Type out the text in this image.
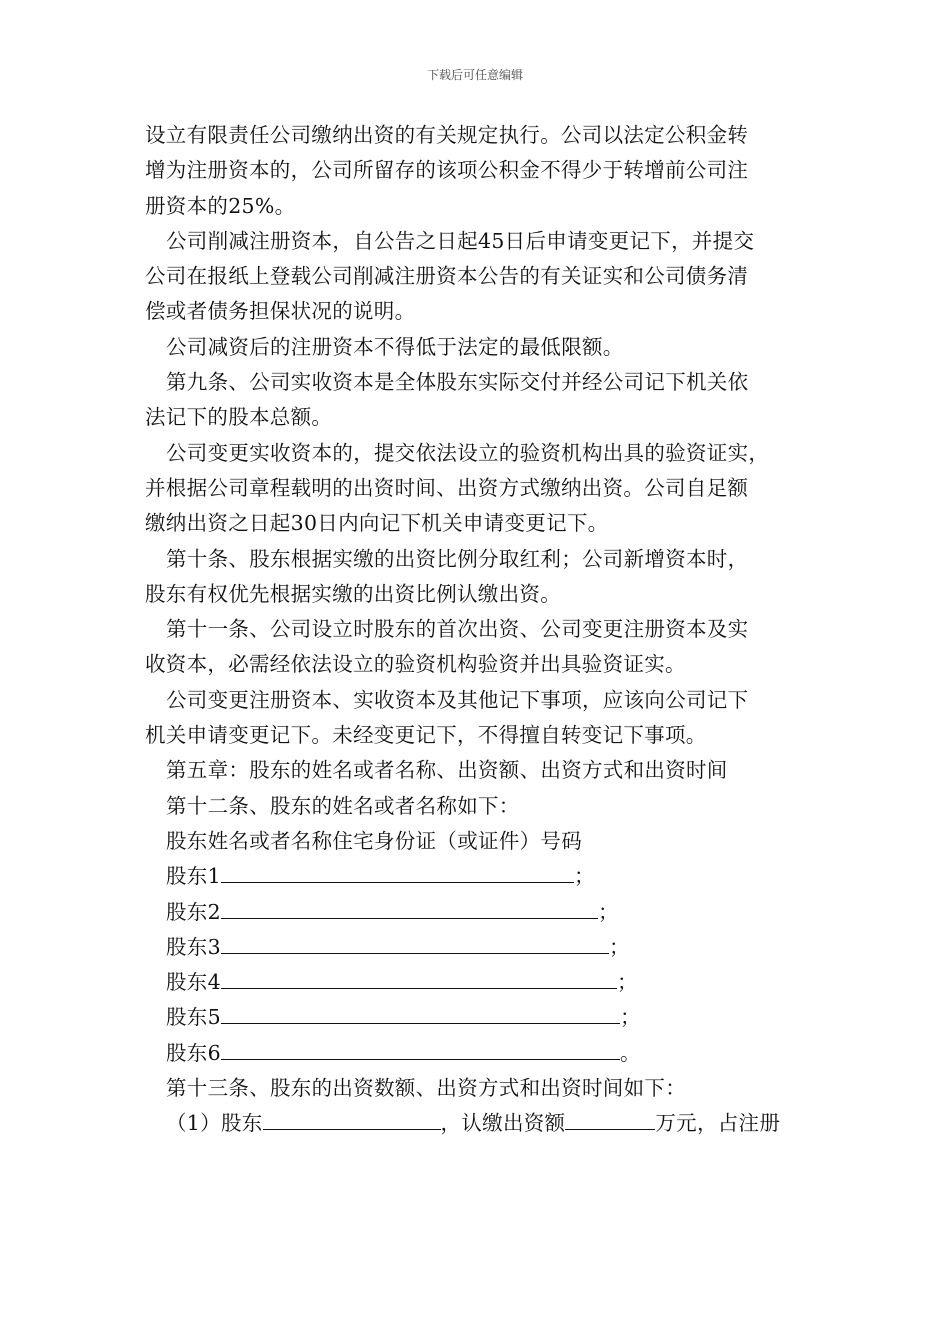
下载后可任意编辑
设立有限责任公司缴纳出资的有关规定执行。公司以法定公积金转
增为注册资本的，公司所留存的该项公积金不得少于转增前公司注
册资本的25%。
公司削减注册资本，自公告之日起45日后申请变更记下，并提交
公司在报纸上登载公司削减注册资本公告的有关证实和公司债务清
偿或者债务担保状况的说明。
公司减资后的注册资本不得低于法定的最低限额。
第九条、公司实收资本是全体股东实际交付并经公司记下机关依
法记下的股本总额。
公司变更实收资本的，提交依法设立的验资机构出具的验资证实，
并根据公司章程载明的出资时间、出资方式缴纳出资。公司自足额
缴纳出资之日起30日内向记下机关申请变更记下。
第十条、股东根据实缴的出资比例分取红利；公司新增资本时，
股东有权优先根据实缴的出资比例认缴出资。
第十一条、公司设立时股东的首次出资、公司变更注册资本及实
收资本，必需经依法设立的验资机构验资并出具验资证实。
公司变更注册资本、实收资本及其他记下事项，应该向公司记下
机关申请变更记下。未经变更记下，不得擅自转变记下事项。
第五章：股东的姓名或者名称、出资额、出资方式和出资时间
第十二条、股东的姓名或者名称如下：
股东姓名或者名称住宅身份证（或证件）号码
股东1	；
股东2	；
股东3	；
股东4	；
股东5	；
股东6	。
第十三条、股东的出资数额、出资方式和出资时间如下：
（1）股东	，认缴出资额	万元，占注册
